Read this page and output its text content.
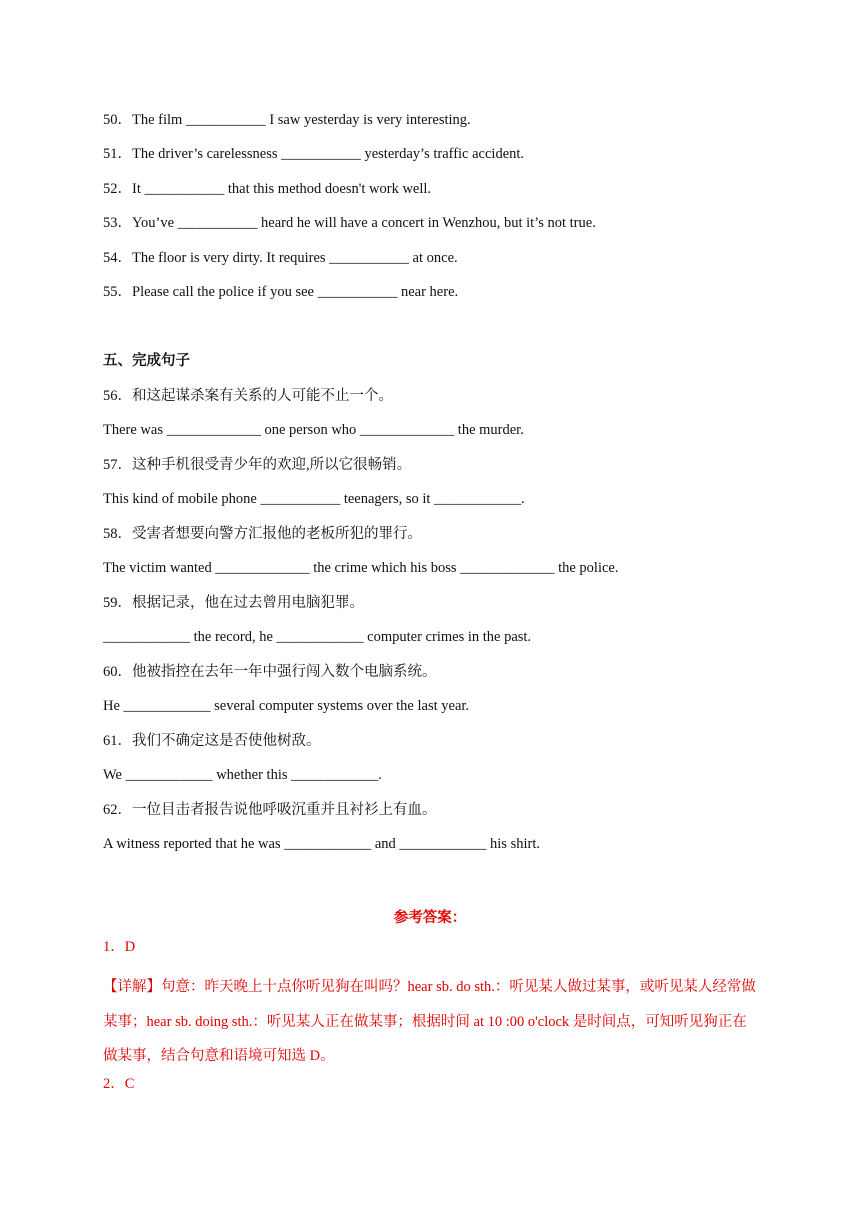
50．The film ___________ I saw yesterday is very interesting.

51．The driver’s carelessness ___________ yesterday’s traffic accident.

52．It ___________ that this method doesn't work well.

53．You’ve ___________ heard he will have a concert in Wenzhou, but it’s not true.

54．The floor is very dirty. It requires ___________ at once.

55．Please call the police if you see ___________ near here.

五、完成句子

56．和这起谋杀案有关系的人可能不止一个。

There was _____________ one person who _____________ the murder.

57．这种手机很受青少年的欢迎,所以它很畅销。

This kind of mobile phone ___________ teenagers, so it ____________.

58．受害者想要向警方汇报他的老板所犯的罪行。

The victim wanted _____________ the crime which his boss _____________ the police.

59．根据记录，他在过去曾用电脑犯罪。

____________ the record, he ____________ computer crimes in the past.

60．他被指控在去年一年中强行闯入数个电脑系统。

He ____________ several computer systems over the last year.

61．我们不确定这是否使他树敌。

We ____________ whether this ____________.

62．一位目击者报告说他呼吸沉重并且衬衫上有血。

A witness reported that he was ____________ and ____________ his shirt.

参考答案：

1．D

【详解】句意：昨天晚上十点你听见狗在叫吗？hear sb. do sth.：听见某人做过某事，或听见某人经常做某事；hear sb. doing sth.：听见某人正在做某事；根据时间 at 10 :00 o'clock 是时间点，可知听见狗正在做某事，结合句意和语境可知选 D。

2．C
